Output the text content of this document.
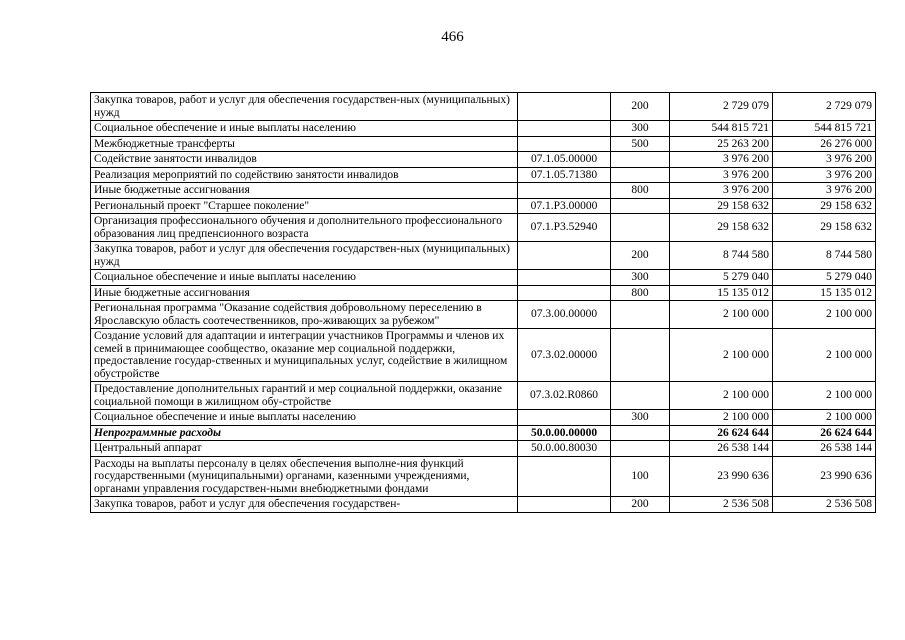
466
Закупка товаров, работ и услуг для обеспечения государствен-ных (муниципальных) нужд		200	2 729 079	2 729 079
Социальное обеспечение и иные выплаты населению		300	544 815 721	544 815 721
Межбюджетные трансферты		500	25 263 200	26 276 000
Содействие занятости инвалидов	07.1.05.00000		3 976 200	3 976 200
Реализация мероприятий по содействию занятости инвалидов	07.1.05.71380		3 976 200	3 976 200
Иные бюджетные ассигнования		800	3 976 200	3 976 200
Региональный проект "Старшее поколение"	07.1.P3.00000		29 158 632	29 158 632
Организация профессионального обучения и дополнительного профессионального образования лиц предпенсионного возраста	07.1.P3.52940		29 158 632	29 158 632
Закупка товаров, работ и услуг для обеспечения государствен-ных (муниципальных) нужд		200	8 744 580	8 744 580
Социальное обеспечение и иные выплаты населению		300	5 279 040	5 279 040
Иные бюджетные ассигнования		800	15 135 012	15 135 012
Региональная программа "Оказание содействия добровольному переселению в Ярославскую область соотечественников, про-живающих за рубежом"	07.3.00.00000		2 100 000	2 100 000
Создание условий для адаптации и интеграции участников Программы и членов их семей в принимающее сообщество, оказание мер социальной поддержки, предоставление государ-ственных и муниципальных услуг, содействие в жилищном обустройстве	07.3.02.00000		2 100 000	2 100 000
Предоставление дополнительных гарантий и мер социальной поддержки, оказание социальной помощи в жилищном обу-стройстве	07.3.02.R0860		2 100 000	2 100 000
Социальное обеспечение и иные выплаты населению		300	2 100 000	2 100 000
Непрограммные расходы	50.0.00.00000		26 624 644	26 624 644
Центральный аппарат	50.0.00.80030		26 538 144	26 538 144
Расходы на выплаты персоналу в целях обеспечения выполне-ния функций государственными (муниципальными) органами, казенными учреждениями, органами управления государствен-ными внебюджетными фондами		100	23 990 636	23 990 636
Закупка товаров, работ и услуг для обеспечения государствен-		200	2 536 508	2 536 508
